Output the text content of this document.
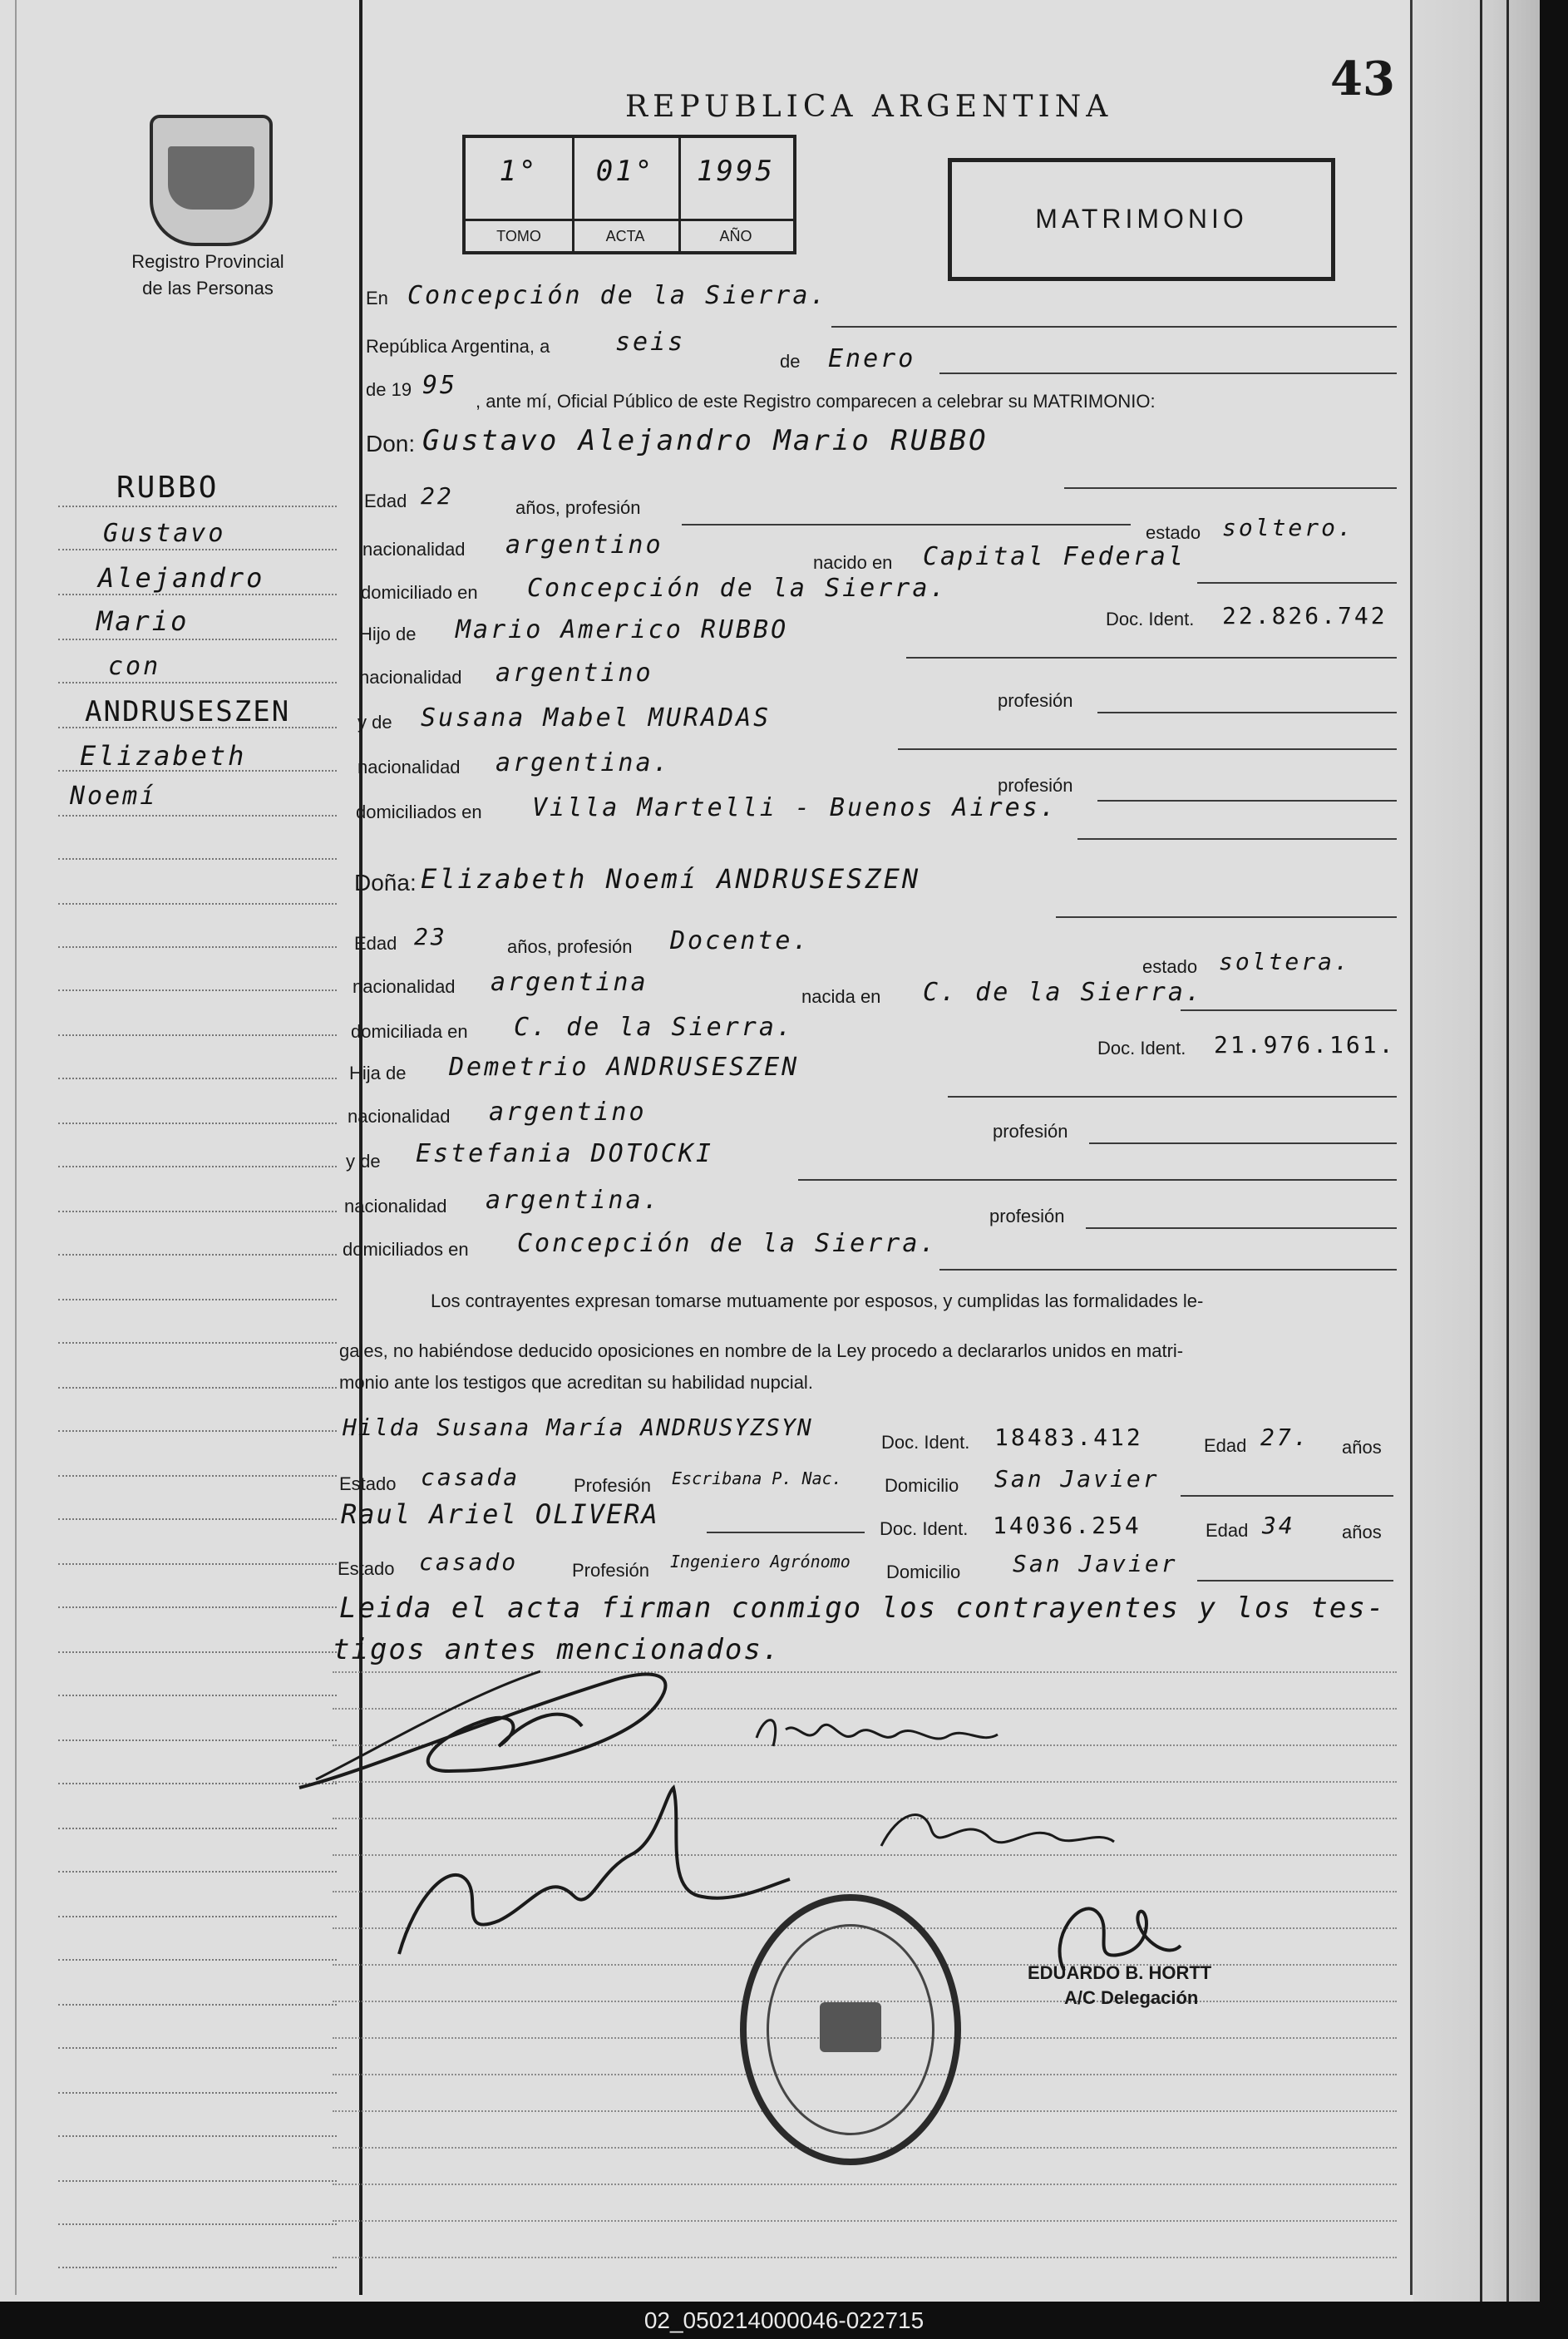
43
Registro Provincial
de las Personas
REPUBLICA ARGENTINA
1°
TOMO
01°
ACTA
1995
AÑO
MATRIMONIO
RUBBO
Gustavo
Alejandro
Mario
con
ANDRUSESZEN
Elizabeth
Noemí
En Concepción de la Sierra.
República Argentina, a	seis
de Enero
de 19 95
, ante mí, Oficial Público de este Registro comparecen a celebrar su MATRIMONIO:
Don: Gustavo Alejandro Mario RUBBO
Edad 22	años, profesión
estado soltero.
nacionalidad argentino
nacido en Capital Federal
domiciliado en Concepción de la Sierra.
Doc. Ident. 22.826.742
Hijo de Mario Americo RUBBO
nacionalidad argentino
profesión
y de Susana Mabel MURADAS
nacionalidad argentina.
profesión
domiciliados en Villa Martelli - Buenos Aires.
Doña: Elizabeth Noemí ANDRUSESZEN
Edad 23	años, profesión Docente.
estado soltera.
nacionalidad argentina	nacida en C. de la Sierra.
domiciliada en C. de la Sierra.
Doc. Ident. 21.976.161.
Hija de Demetrio ANDRUSESZEN
nacionalidad argentino
profesión
y de Estefania DOTOCKI
nacionalidad argentina.
profesión
domiciliados en Concepción de la Sierra.
Los contrayentes expresan tomarse mutuamente por esposos, y cumplidas las formalidades le-
gales, no habiéndose deducido oposiciones en nombre de la Ley procedo a declararlos unidos en matri-
monio ante los testigos que acreditan su habilidad nupcial.
Hilda Susana María ANDRUSYZSYN
Doc. Ident. 18483.412	Edad 27. años
Estado casada	Profesión Escribana P. Nac. Domicilio San Javier
Raul Ariel OLIVERA	Doc. Ident. 14036.254	Edad 34	años
Estado casado	Profesión Ingeniero Agrónomo Domicilio San Javier
Leida el acta firman conmigo los contrayentes y los tes-
tigos antes mencionados.
EDUARDO B. HORTT
A/C Delegación
02_050214000046-022715
